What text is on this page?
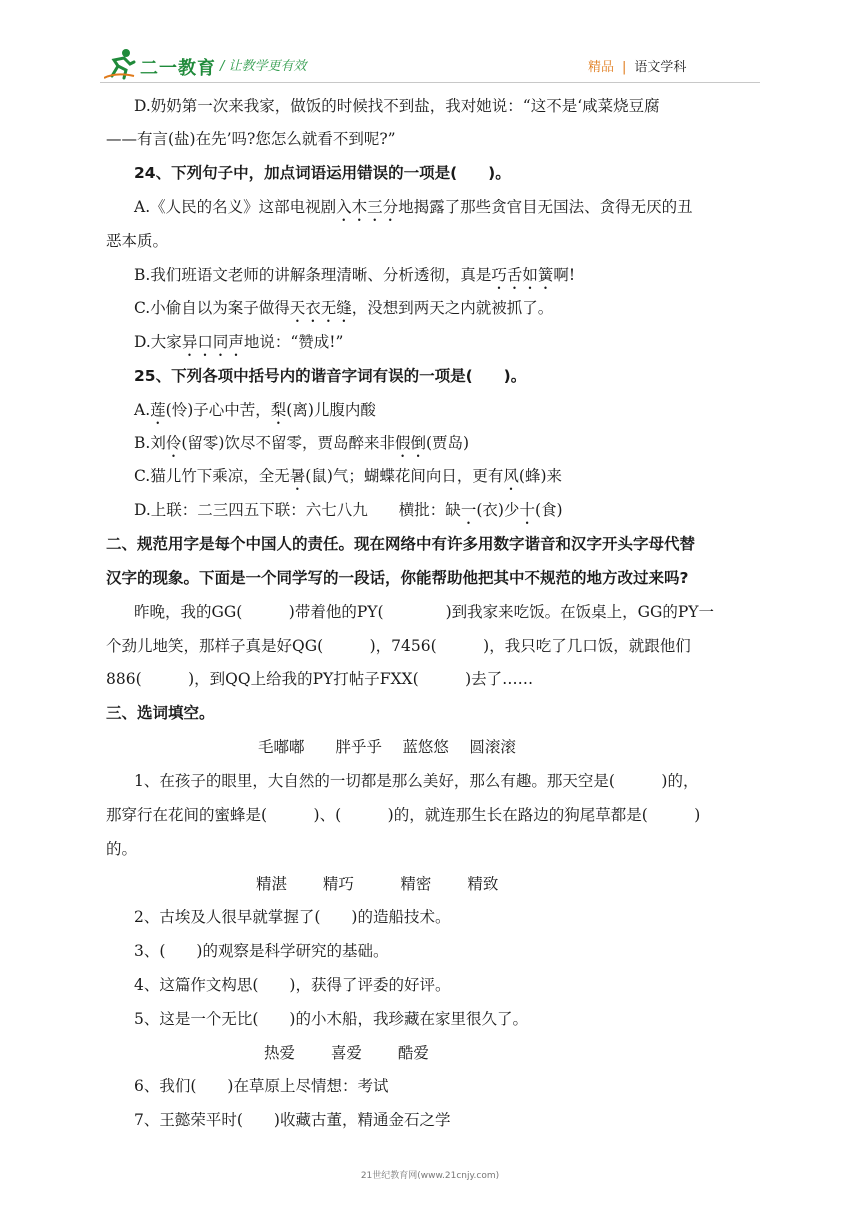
二一教育 / 让教学更有效	精品 | 语文学科
D.奶奶第一次来我家，做饭的时候找不到盐，我对她说：“这不是‘咸菜烧豆腐
——有言(盐)在先’吗?您怎么就看不到呢?”
24、下列句子中，加点词语运用错误的一项是(　　)。
A.《人民的名义》这部电视剧入木三分地揭露了那些贪官目无国法、贪得无厌的丑
恶本质。
B.我们班语文老师的讲解条理清晰、分析透彻，真是巧舌如簧啊!
C.小偷自以为案子做得天衣无缝，没想到两天之内就被抓了。
D.大家异口同声地说：“赞成!”
25、下列各项中括号内的谐音字词有误的一项是(　　)。
A.莲(怜)子心中苦，梨(离)儿腹内酸
B.刘伶(留零)饮尽不留零，贾岛醉来非假倒(贾岛)
C.猫儿竹下乘凉，全无暑(鼠)气；蝴蝶花间向日，更有风(蜂)来
D.上联：二三四五下联：六七八九　　横批：缺一(衣)少十(食)
二、规范用字是每个中国人的责任。现在网络中有许多用数字谐音和汉字开头字母代替
汉字的现象。下面是一个同学写的一段话，你能帮助他把其中不规范的地方改过来吗?
昨晚，我的GG(　　　)带着他的PY(　　　　)到我家来吃饭。在饭桌上，GG的PY一
个劲儿地笑，那样子真是好QG(　　　)，7456(　　　)，我只吃了几口饭，就跟他们
886(　　　)，到QQ上给我的PY打帖子FXX(　　　)去了……
三、选词填空。
毛嘟嘟　　胖乎乎　 蓝悠悠　 圆滚滚
1、在孩子的眼里，大自然的一切都是那么美好，那么有趣。那天空是(　　　)的，
那穿行在花间的蜜蜂是(　　　)、(　　　)的，就连那生长在路边的狗尾草都是(　　　)
的。
精湛　　 精巧　　　精密　　 精致
2、古埃及人很早就掌握了(　　)的造船技术。
3、(　　)的观察是科学研究的基础。
4、这篇作文构思(　　)，获得了评委的好评。
5、这是一个无比(　　)的小木船，我珍藏在家里很久了。
热爱　　 喜爱　　 酷爱
6、我们(　　)在草原上尽情想：考试
7、王懿荣平时(　　)收藏古董，精通金石之学
21世纪教育网(www.21cnjy.com)
